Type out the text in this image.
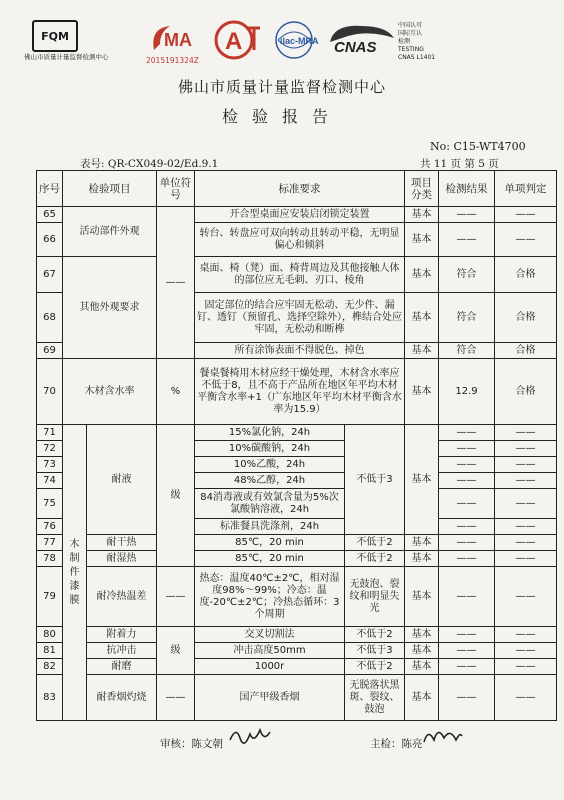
FQM
佛山市质量计量监督检测中心
MA
2015191324Z
A	ilac-MRA CNAS
中国认可
国际互认
检测
TESTING
CNAS L1401
佛山市质量计量监督检测中心
检验报告
No: C15-WT4700
表号: QR-CX049-02/Ed.9.1	共 11 页 第 5 页
序号	检验项目		单位符号	标准要求		项目分类	检测结果	单项判定
65	活动部件外观		——	开合型桌面应安装启闭锁定装置		基本	——	——
66				转台、转盘应可双向转动且转动平稳，无明显偏心和倾斜		基本	——	——
67	其他外观要求			桌面、椅（凳）面、椅背周边及其他接触人体的部位应无毛刺、刃口、棱角		基本	符合	合格
68				固定部位的结合应牢固无松动、无少件、漏钉、透钉（预留孔、选择空除外），榫结合处应牢固，无松动和断榫		基本	符合	合格
69				所有涂饰表面不得脱色、掉色		基本	符合	合格
70	木材含水率		%	餐桌餐椅用木材应经干燥处理，木材含水率应不低于8，且不高于产品所在地区年平均木材平衡含水率+1（广东地区年平均木材平衡含水率为15.9）		基本	12.9	合格
71	木制件漆膜	耐液	级	15%氯化钠，24h	不低于3	基本	——	——
72				10%碳酸钠，24h			——	——
73				10%乙酸，24h			——	——
74				48%乙醇，24h			——	——
75				84消毒液或有效氯含量为5%次氯酸钠溶液，24h			——	——
76				标准餐具洗涤剂，24h			——	——
77		耐干热		85℃，20 min	不低于2	基本	——	——
78		耐湿热		85℃，20 min	不低于2	基本	——	——
79		耐冷热温差	——	热态：温度40℃±2℃，相对湿度98%～99%；冷态：温度-20℃±2℃；冷热态循环：3个周期	无鼓泡、裂纹和明显失光	基本	——	——
80		附着力	级	交叉切割法	不低于2	基本	——	——
81		抗冲击		冲击高度50mm	不低于3	基本	——	——
82		耐磨		1000r	不低于2	基本	——	——
83		耐香烟灼烧	——	国产甲级香烟	无脱落状黑斑、裂纹、鼓泡	基本	——	——
审核：陈文朝	主检：陈亮
